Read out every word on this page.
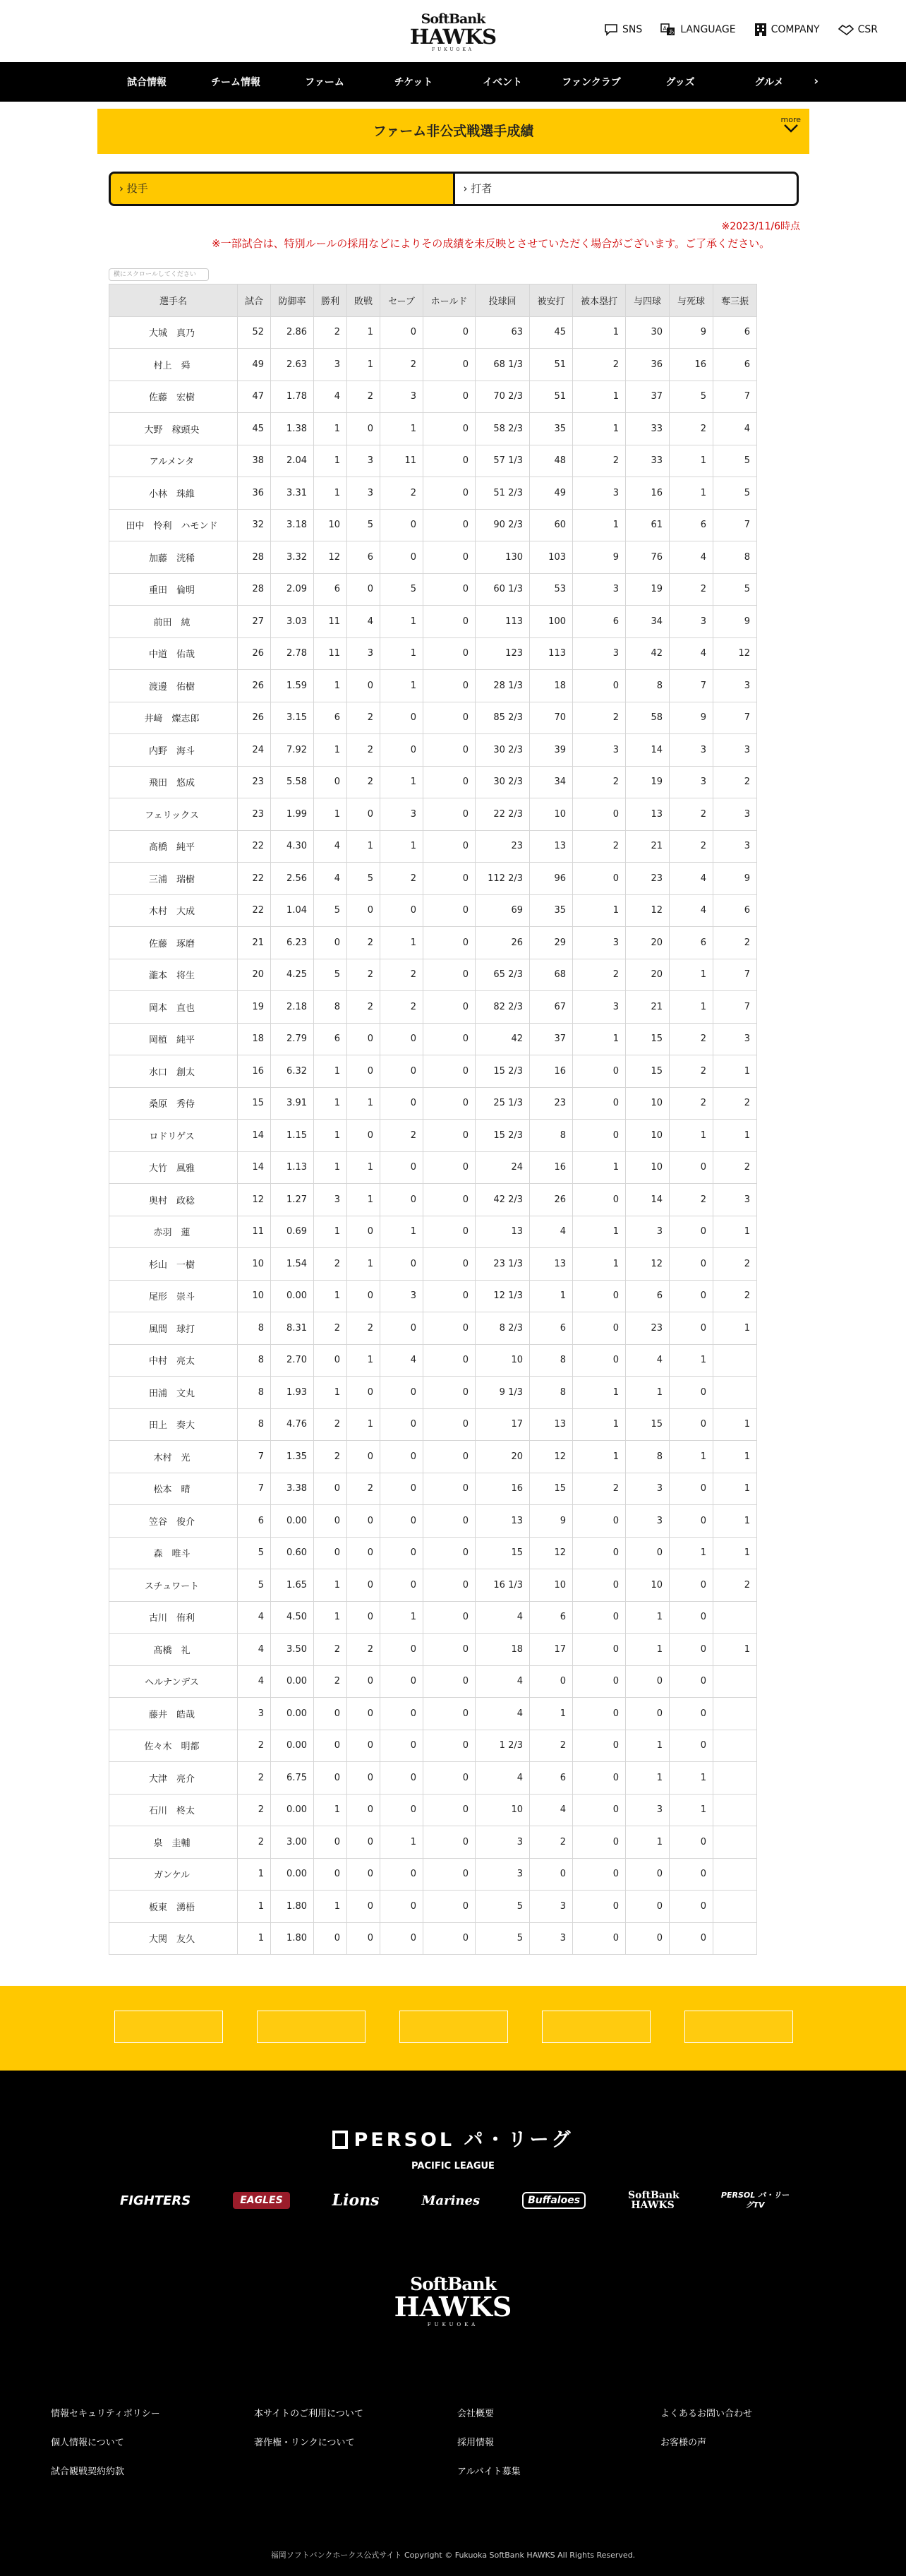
SoftBank
HAWKS
FUKUOKA
SNS	A
あ LANGUAGE	COMPANY	CSR
試合情報	チーム情報	ファーム	チケット	イベント	ファンクラブ	グッズ	グルメ	›
ファーム非公式戦選手成績
more
› 投手	› 打者
※2023/11/6時点
※一部試合は、特別ルールの採用などによりその成績を未反映とさせていただく場合がございます。ご了承ください。
横にスクロールしてください
選手名	試合	防御率	勝利	敗戦	セーブ	ホールド	投球回	被安打	被本塁打	与四球	与死球	奪三振
大城　真乃	52	2.86	2	1	0	0	63	45	1	30	9	6
村上　舜	49	2.63	3	1	2	0	68 1/3	51	2	36	16	6
佐藤　宏樹	47	1.78	4	2	3	0	70 2/3	51	1	37	5	7
大野　稼頭央	45	1.38	1	0	1	0	58 2/3	35	1	33	2	4
アルメンタ	38	2.04	1	3	11	0	57 1/3	48	2	33	1	5
小林　珠維	36	3.31	1	3	2	0	51 2/3	49	3	16	1	5
田中　怜利　ハモンド	32	3.18	10	5	0	0	90 2/3	60	1	61	6	7
加藤　洸稀	28	3.32	12	6	0	0	130	103	9	76	4	8
重田　倫明	28	2.09	6	0	5	0	60 1/3	53	3	19	2	5
前田　純	27	3.03	11	4	1	0	113	100	6	34	3	9
中道　佑哉	26	2.78	11	3	1	0	123	113	3	42	4	12
渡邊　佑樹	26	1.59	1	0	1	0	28 1/3	18	0	8	7	3
井﨑　燦志郎	26	3.15	6	2	0	0	85 2/3	70	2	58	9	7
内野　海斗	24	7.92	1	2	0	0	30 2/3	39	3	14	3	3
飛田　悠成	23	5.58	0	2	1	0	30 2/3	34	2	19	3	2
フェリックス	23	1.99	1	0	3	0	22 2/3	10	0	13	2	3
髙橋　純平	22	4.30	4	1	1	0	23	13	2	21	2	3
三浦　瑞樹	22	2.56	4	5	2	0	112 2/3	96	0	23	4	9
木村　大成	22	1.04	5	0	0	0	69	35	1	12	4	6
佐藤　琢磨	21	6.23	0	2	1	0	26	29	3	20	6	2
瀧本　将生	20	4.25	5	2	2	0	65 2/3	68	2	20	1	7
岡本　直也	19	2.18	8	2	2	0	82 2/3	67	3	21	1	7
岡植　純平	18	2.79	6	0	0	0	42	37	1	15	2	3
水口　創太	16	6.32	1	0	0	0	15 2/3	16	0	15	2	1
桑原　秀侍	15	3.91	1	1	0	0	25 1/3	23	0	10	2	2
ロドリゲス	14	1.15	1	0	2	0	15 2/3	8	0	10	1	1
大竹　風雅	14	1.13	1	1	0	0	24	16	1	10	0	2
奥村　政稔	12	1.27	3	1	0	0	42 2/3	26	0	14	2	3
赤羽　蓮	11	0.69	1	0	1	0	13	4	1	3	0	1
杉山　一樹	10	1.54	2	1	0	0	23 1/3	13	1	12	0	2
尾形　崇斗	10	0.00	1	0	3	0	12 1/3	1	0	6	0	2
風間　球打	8	8.31	2	2	0	0	8 2/3	6	0	23	0	1
中村　亮太	8	2.70	0	1	4	0	10	8	0	4	1	
田浦　文丸	8	1.93	1	0	0	0	9 1/3	8	1	1	0	
田上　奏大	8	4.76	2	1	0	0	17	13	1	15	0	1
木村　光	7	1.35	2	0	0	0	20	12	1	8	1	1
松本　晴	7	3.38	0	2	0	0	16	15	2	3	0	1
笠谷　俊介	6	0.00	0	0	0	0	13	9	0	3	0	1
森　唯斗	5	0.60	0	0	0	0	15	12	0	0	1	1
スチュワート	5	1.65	1	0	0	0	16 1/3	10	0	10	0	2
古川　侑利	4	4.50	1	0	1	0	4	6	0	1	0	
髙橋　礼	4	3.50	2	2	0	0	18	17	0	1	0	1
ヘルナンデス	4	0.00	2	0	0	0	4	0	0	0	0	
藤井　皓哉	3	0.00	0	0	0	0	4	1	0	0	0	
佐々木　明都	2	0.00	0	0	0	0	1 2/3	2	0	1	0	
大津　亮介	2	6.75	0	0	0	0	4	6	0	1	1	
石川　柊太	2	0.00	1	0	0	0	10	4	0	3	1	
泉　圭輔	2	3.00	0	0	1	0	3	2	0	1	0	
ガンケル	1	0.00	0	0	0	0	3	0	0	0	0	
板東　湧梧	1	1.80	1	0	0	0	5	3	0	0	0	
大関　友久	1	1.80	0	0	0	0	5	3	0	0	0	
PERSOL パ・リーグ
PACIFIC LEAGUE
FIGHTERS	EAGLES	Lions	Marines	Buffaloes	SoftBank HAWKS
PERSOL パ・リーグTV
SoftBank
HAWKS
FUKUOKA
情報セキュリティポリシー
個人情報について
試合観戦契約約款
本サイトのご利用について
著作権・リンクについて
会社概要
採用情報
アルバイト募集
よくあるお問い合わせ
お客様の声
福岡ソフトバンクホークス公式サイト Copyright © Fukuoka SoftBank HAWKS All Rights Reserved.
